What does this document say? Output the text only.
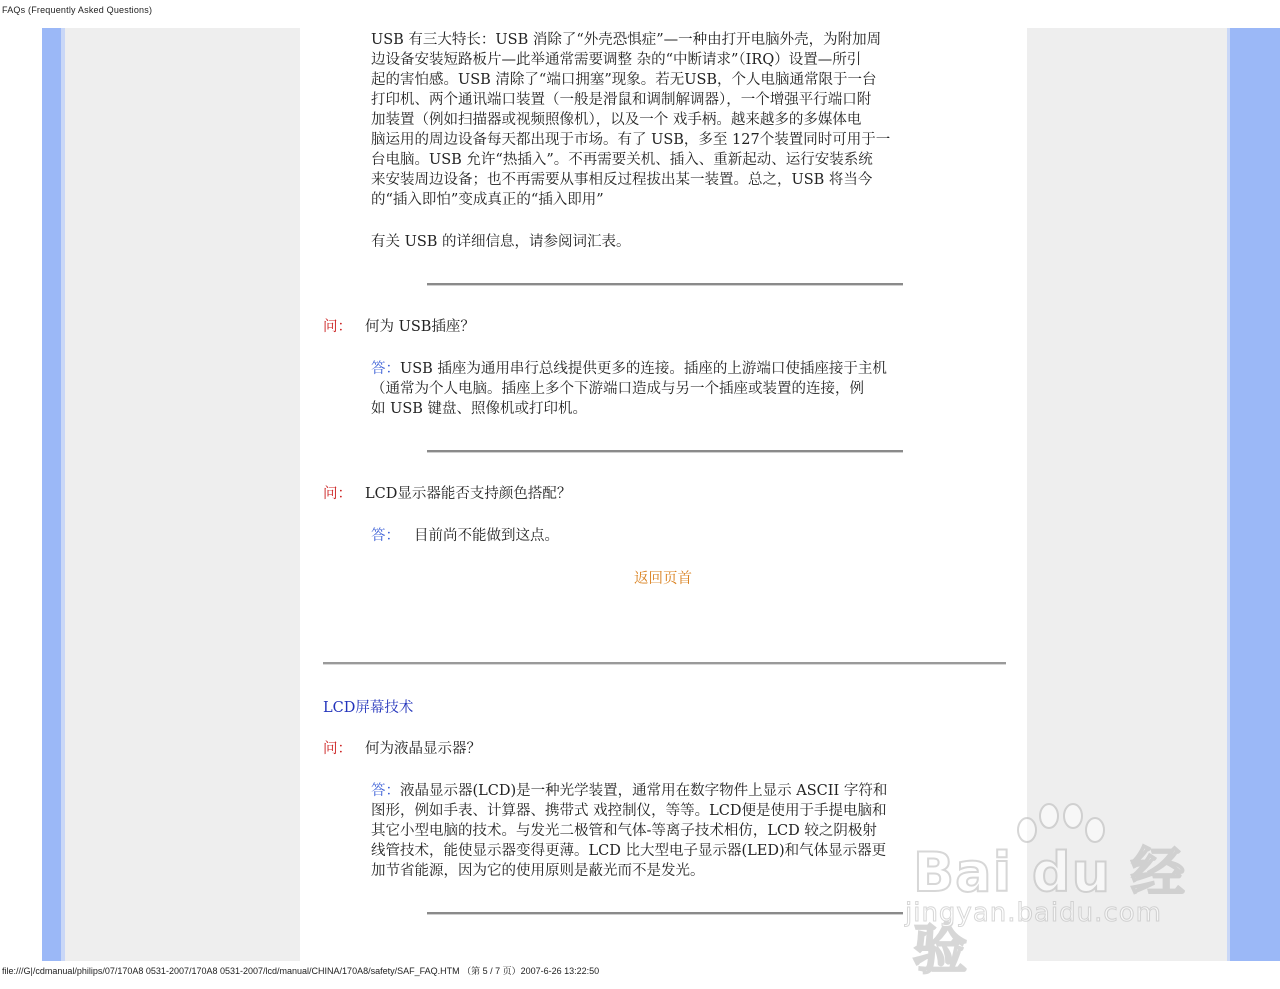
FAQs (Frequently Asked Questions)
USB 有三大特长：USB 消除了“外壳恐惧症”—一种由打开电脑外壳，为附加周
边设备安装短路板片—此举通常需要调整 杂的“中断请求”（IRQ）设置—所引
起的害怕感。USB 清除了“端口拥塞”现象。若无USB，个人电脑通常限于一台
打印机、两个通讯端口装置（一般是滑鼠和调制解调器），一个增强平行端口附
加装置（例如扫描器或视频照像机），以及一个 戏手柄。越来越多的多媒体电
脑运用的周边设备每天都出现于市场。有了 USB，多至 127个装置同时可用于一
台电脑。USB 允许“热插入”。不再需要关机、插入、重新起动、运行安装系统
来安装周边设备；也不再需要从事相反过程拔出某一装置。总之，USB 将当今
的“插入即怕”变成真正的“插入即用”
有关 USB 的详细信息，请参阅词汇表。
问： 何为 USB插座？
答：USB 插座为通用串行总线提供更多的连接。插座的上游端口使插座接于主机
（通常为个人电脑。插座上多个下游端口造成与另一个插座或装置的连接，例
如 USB 键盘、照像机或打印机。
问： LCD显示器能否支持颜色搭配？
答： 目前尚不能做到这点。
返回页首
LCD屏幕技术
问： 何为液晶显示器？
答：液晶显示器(LCD)是一种光学装置，通常用在数字物件上显示 ASCII 字符和
图形，例如手表、计算器、携带式 戏控制仪，等等。LCD便是使用于手提电脑和
其它小型电脑的技术。与发光二极管和气体-等离子技术相仿，LCD 较之阴极射
线管技术，能使显示器变得更薄。LCD 比大型电子显示器(LED)和气体显示器更
加节省能源，因为它的使用原则是蔽光而不是发光。	Bai du 经验
jingyan.baidu.com
file:///G|/cdmanual/philips/07/170A8 0531-2007/170A8 0531-2007/lcd/manual/CHINA/170A8/safety/SAF_FAQ.HTM （第 5 / 7 页）2007-6-26 13:22:50
